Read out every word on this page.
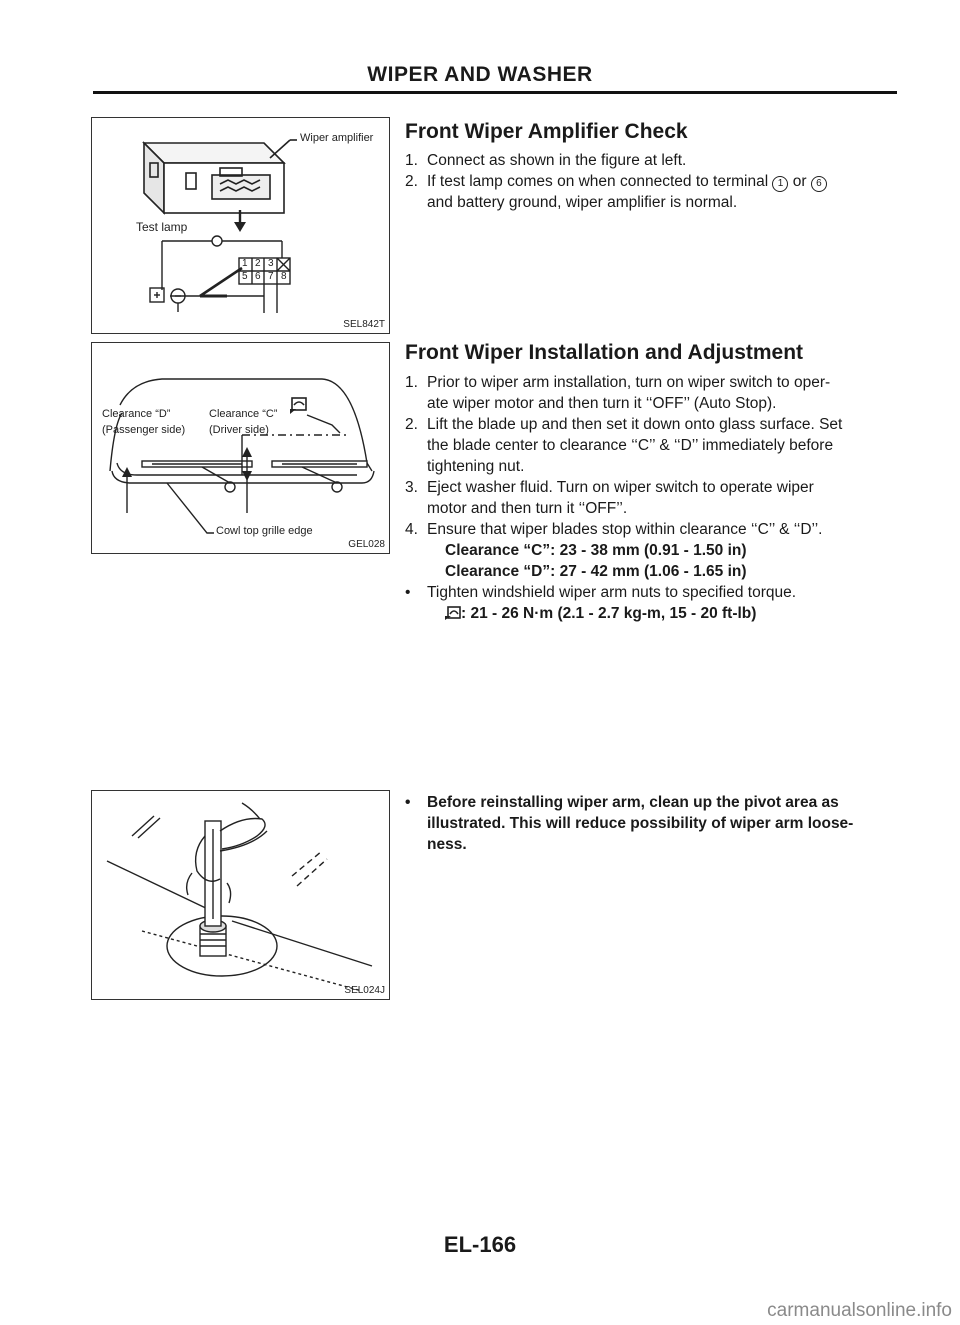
WIPER AND WASHER
Wiper amplifier
Test lamp
1 2 3
5 6 7 8
SEL842T
Clearance “D”
(Passenger side)
Clearance “C”
(Driver side)
Cowl top grille edge
GEL028
SEL024J
Front Wiper Amplifier Check
1. Connect as shown in the figure at left.
2. If test lamp comes on when connected to terminal 1 or 6
and battery ground, wiper amplifier is normal.
Front Wiper Installation and Adjustment
1. Prior to wiper arm installation, turn on wiper switch to oper-
ate wiper motor and then turn it ‘‘OFF’’ (Auto Stop).
2. Lift the blade up and then set it down onto glass surface. Set
the blade center to clearance ‘‘C’’ & ‘‘D’’ immediately before
tightening nut.
3. Eject washer fluid. Turn on wiper switch to operate wiper
motor and then turn it ‘‘OFF’’.
4. Ensure that wiper blades stop within clearance ‘‘C’’ & ‘‘D’’.
Clearance “C”: 23 - 38 mm (0.91 - 1.50 in)
Clearance “D”: 27 - 42 mm (1.06 - 1.65 in)
• Tighten windshield wiper arm nuts to specified torque.
: 21 - 26 N·m (2.1 - 2.7 kg-m, 15 - 20 ft-lb)
• Before reinstalling wiper arm, clean up the pivot area as
illustrated. This will reduce possibility of wiper arm loose-
ness.
EL-166
carmanualsonline.info
